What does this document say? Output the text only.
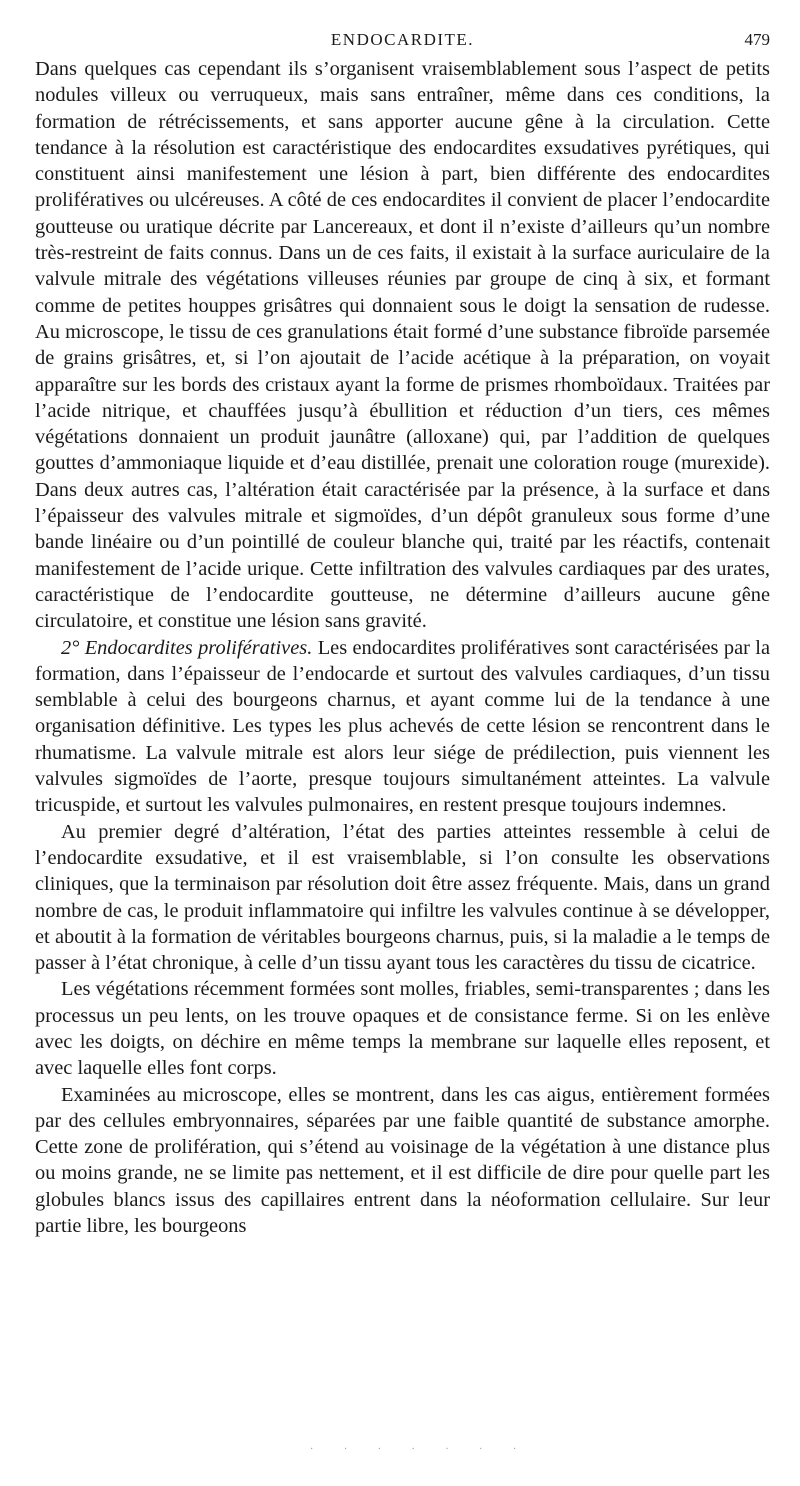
ENDOCARDITE.	479

Dans quelques cas cependant ils s’organisent vraisemblablement sous l’aspect de petits nodules villeux ou verruqueux, mais sans entraîner, même dans ces conditions, la formation de rétrécissements, et sans apporter aucune gêne à la circulation. Cette tendance à la résolution est caractéristique des endocardites exsudatives pyrétiques, qui constituent ainsi manifestement une lésion à part, bien différente des endocardites prolifératives ou ulcéreuses. A côté de ces endocardites il convient de placer l’endocardite goutteuse ou uratique décrite par Lancereaux, et dont il n’existe d’ailleurs qu’un nombre très-restreint de faits connus. Dans un de ces faits, il existait à la surface auriculaire de la valvule mitrale des végétations villeuses réunies par groupe de cinq à six, et formant comme de petites houppes grisâtres qui donnaient sous le doigt la sensation de rudesse. Au microscope, le tissu de ces granulations était formé d’une substance fibroïde parsemée de grains grisâtres, et, si l’on ajoutait de l’acide acétique à la préparation, on voyait apparaître sur les bords des cristaux ayant la forme de prismes rhomboïdaux. Traitées par l’acide nitrique, et chauffées jusqu’à ébullition et réduction d’un tiers, ces mêmes végétations donnaient un produit jaunâtre (alloxane) qui, par l’addition de quelques gouttes d’ammoniaque liquide et d’eau distillée, prenait une coloration rouge (murexide). Dans deux autres cas, l’altération était caractérisée par la présence, à la surface et dans l’épaisseur des valvules mitrale et sigmoïdes, d’un dépôt granuleux sous forme d’une bande linéaire ou d’un pointillé de couleur blanche qui, traité par les réactifs, contenait manifestement de l’acide urique. Cette infiltration des valvules cardiaques par des urates, caractéristique de l’endocardite goutteuse, ne détermine d’ailleurs aucune gêne circulatoire, et constitue une lésion sans gravité.

2° Endocardites prolifératives. Les endocardites prolifératives sont caractérisées par la formation, dans l’épaisseur de l’endocarde et surtout des valvules cardiaques, d’un tissu semblable à celui des bourgeons charnus, et ayant comme lui de la tendance à une organisation définitive. Les types les plus achevés de cette lésion se rencontrent dans le rhumatisme. La valvule mitrale est alors leur siége de prédilection, puis viennent les valvules sigmoïdes de l’aorte, presque toujours simultanément atteintes. La valvule tricuspide, et surtout les valvules pulmonaires, en restent presque toujours indemnes.

Au premier degré d’altération, l’état des parties atteintes ressemble à celui de l’endocardite exsudative, et il est vraisemblable, si l’on consulte les observations cliniques, que la terminaison par résolution doit être assez fréquente. Mais, dans un grand nombre de cas, le produit inflammatoire qui infiltre les valvules continue à se développer, et aboutit à la formation de véritables bourgeons charnus, puis, si la maladie a le temps de passer à l’état chronique, à celle d’un tissu ayant tous les caractères du tissu de cicatrice.

Les végétations récemment formées sont molles, friables, semi-transparentes ; dans les processus un peu lents, on les trouve opaques et de consistance ferme. Si on les enlève avec les doigts, on déchire en même temps la membrane sur laquelle elles reposent, et avec laquelle elles font corps.

Examinées au microscope, elles se montrent, dans les cas aigus, entièrement formées par des cellules embryonnaires, séparées par une faible quantité de substance amorphe. Cette zone de prolifération, qui s’étend au voisinage de la végétation à une distance plus ou moins grande, ne se limite pas nettement, et il est difficile de dire pour quelle part les globules blancs issus des capillaires entrent dans la néoformation cellulaire. Sur leur partie libre, les bourgeons

· · · · · · ·
